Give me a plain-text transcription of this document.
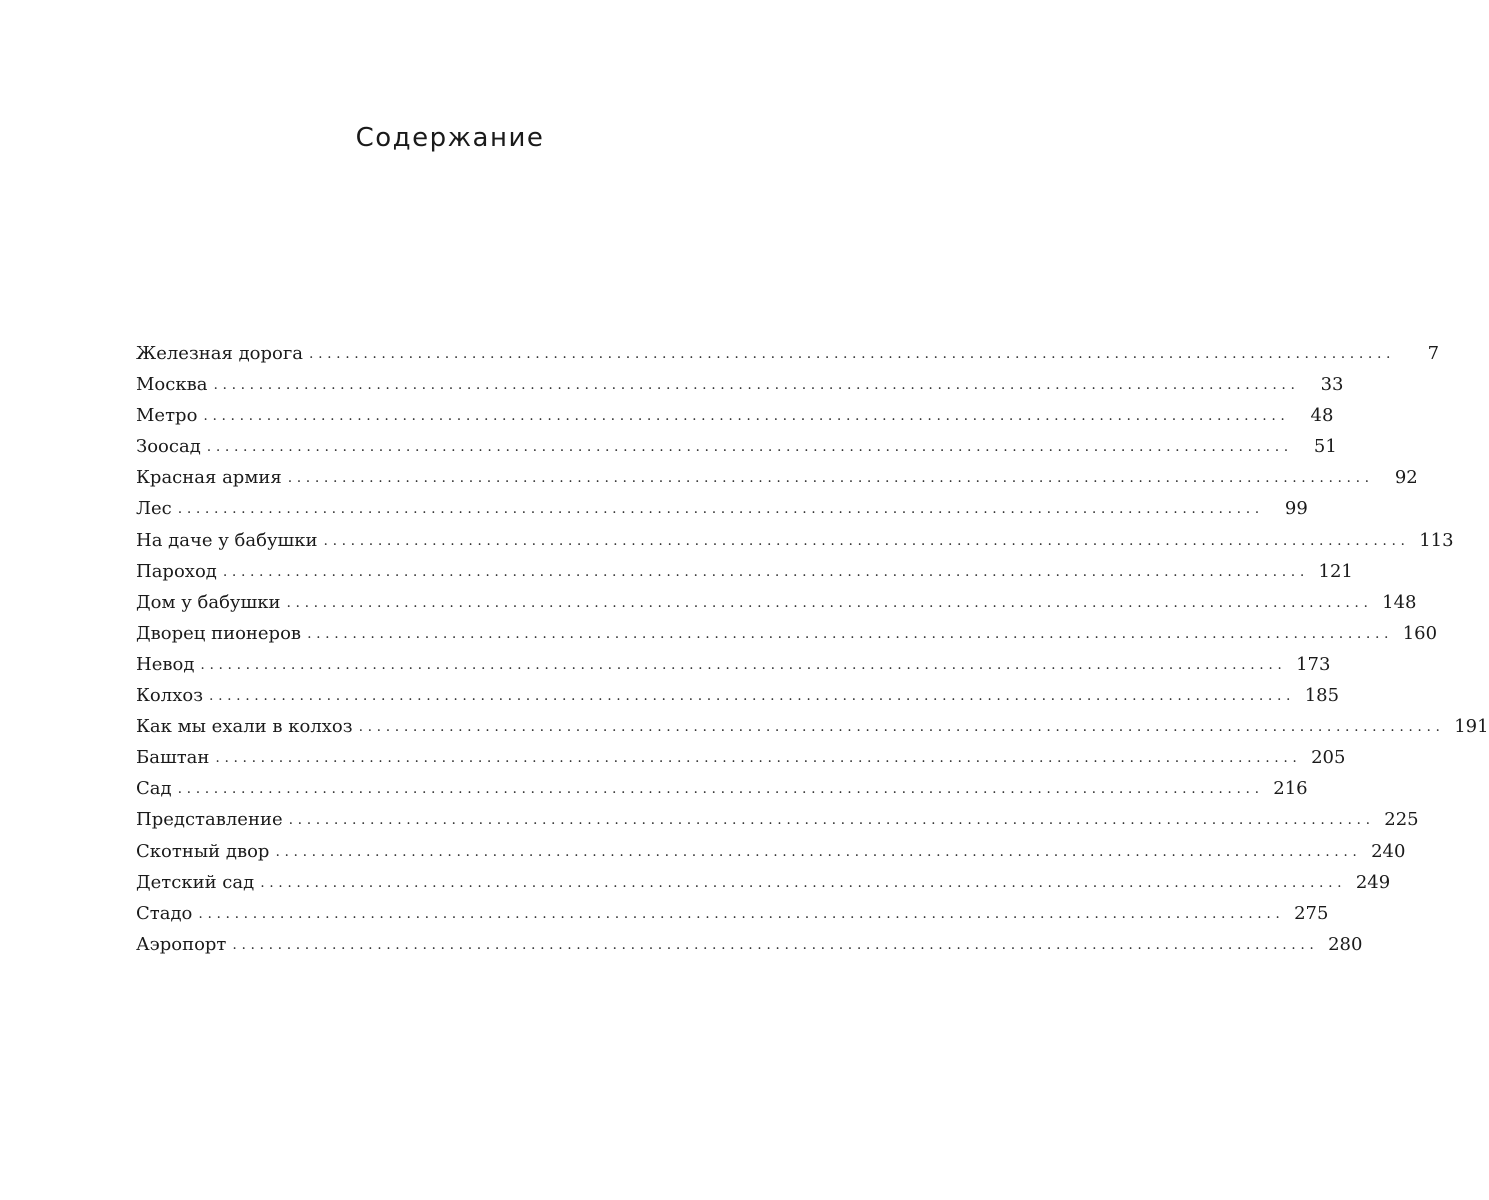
Содержание
Железная дорога ........................................................................................................................	7
Москва ........................................................................................................................	33
Метро ........................................................................................................................	48
Зоосад ........................................................................................................................	51
Красная армия ........................................................................................................................	92
Лес ........................................................................................................................	99
На даче у бабушки ........................................................................................................................ 113
Пароход ........................................................................................................................ 121
Дом у бабушки ........................................................................................................................ 148
Дворец пионеров ........................................................................................................................ 160
Невод ........................................................................................................................ 173
Колхоз ........................................................................................................................ 185
Как мы ехали в колхоз ........................................................................................................................ 191
Баштан ........................................................................................................................ 205
Сад ........................................................................................................................ 216
Представление ........................................................................................................................ 225
Скотный двор ........................................................................................................................ 240
Детский сад ........................................................................................................................ 249
Стадо ........................................................................................................................ 275
Аэропорт ........................................................................................................................ 280
